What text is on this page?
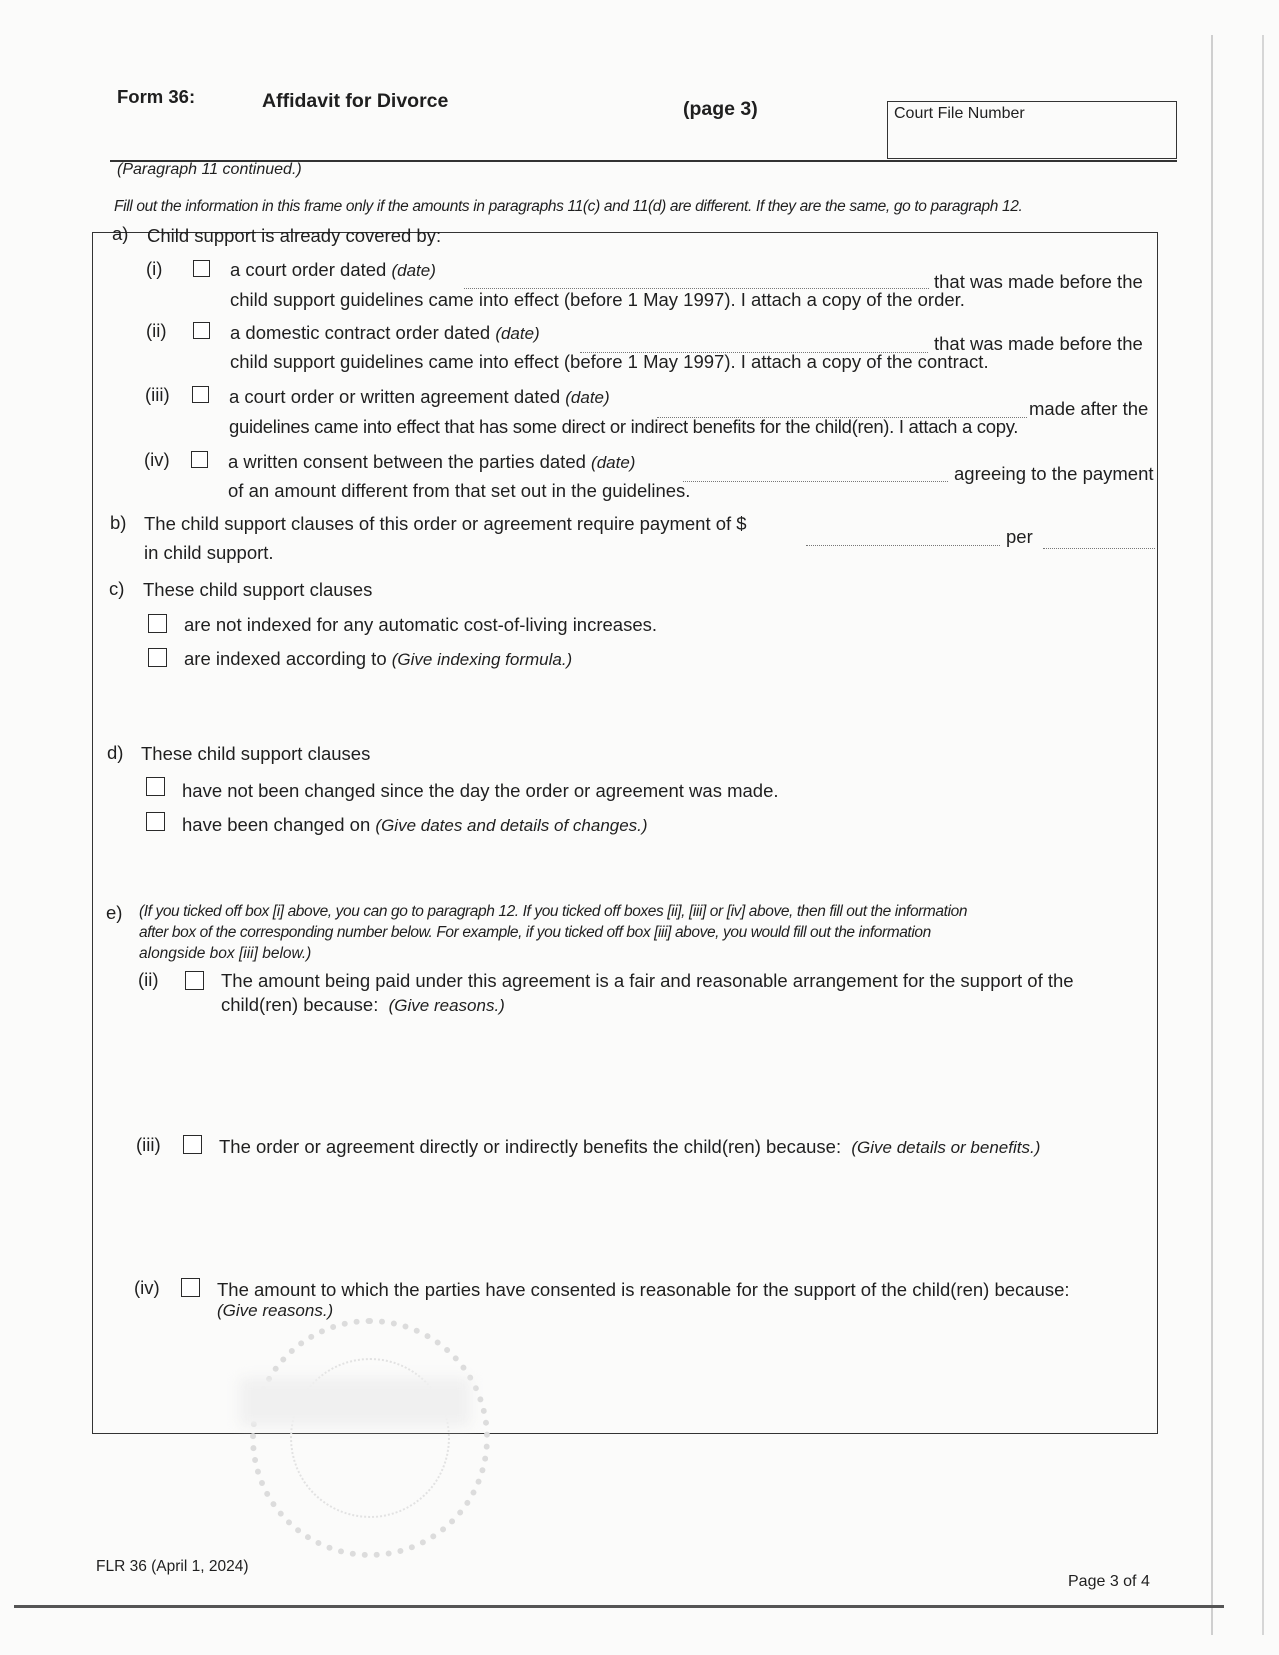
Form 36:	Affidavit for Divorce	(page 3)	Court File Number
(Paragraph 11 continued.)
Fill out the information in this frame only if the amounts in paragraphs 11(c) and 11(d) are different. If they are the same, go to paragraph 12.
a) Child support is already covered by:
(i)	a court order dated (date)
that was made before the
child support guidelines came into effect (before 1 May 1997). I attach a copy of the order.
(ii)	a domestic contract order dated (date)	that was made before the
child support guidelines came into effect (before 1 May 1997). I attach a copy of the contract.
(iii)	a court order or written agreement dated (date)
made after the
guidelines came into effect that has some direct or indirect benefits for the child(ren). I attach a copy.
(iv)	a written consent between the parties dated (date)
agreeing to the payment
of an amount different from that set out in the guidelines.
b) The child support clauses of this order or agreement require payment of $
per
in child support.
c) These child support clauses
are not indexed for any automatic cost-of-living increases.
are indexed according to (Give indexing formula.)
d) These child support clauses
have not been changed since the day the order or agreement was made.
have been changed on (Give dates and details of changes.)
e) (If you ticked off box [i] above, you can go to paragraph 12. If you ticked off boxes [ii], [iii] or [iv] above, then fill out the information
after box of the corresponding number below. For example, if you ticked off box [iii] above, you would fill out the information
alongside box [iii] below.)
(ii)	The amount being paid under this agreement is a fair and reasonable arrangement for the support of the
child(ren) because: (Give reasons.)
(iii)	The order or agreement directly or indirectly benefits the child(ren) because: (Give details or benefits.)
(iv)	The amount to which the parties have consented is reasonable for the support of the child(ren) because:
(Give reasons.)
FLR 36 (April 1, 2024)
Page 3 of 4
